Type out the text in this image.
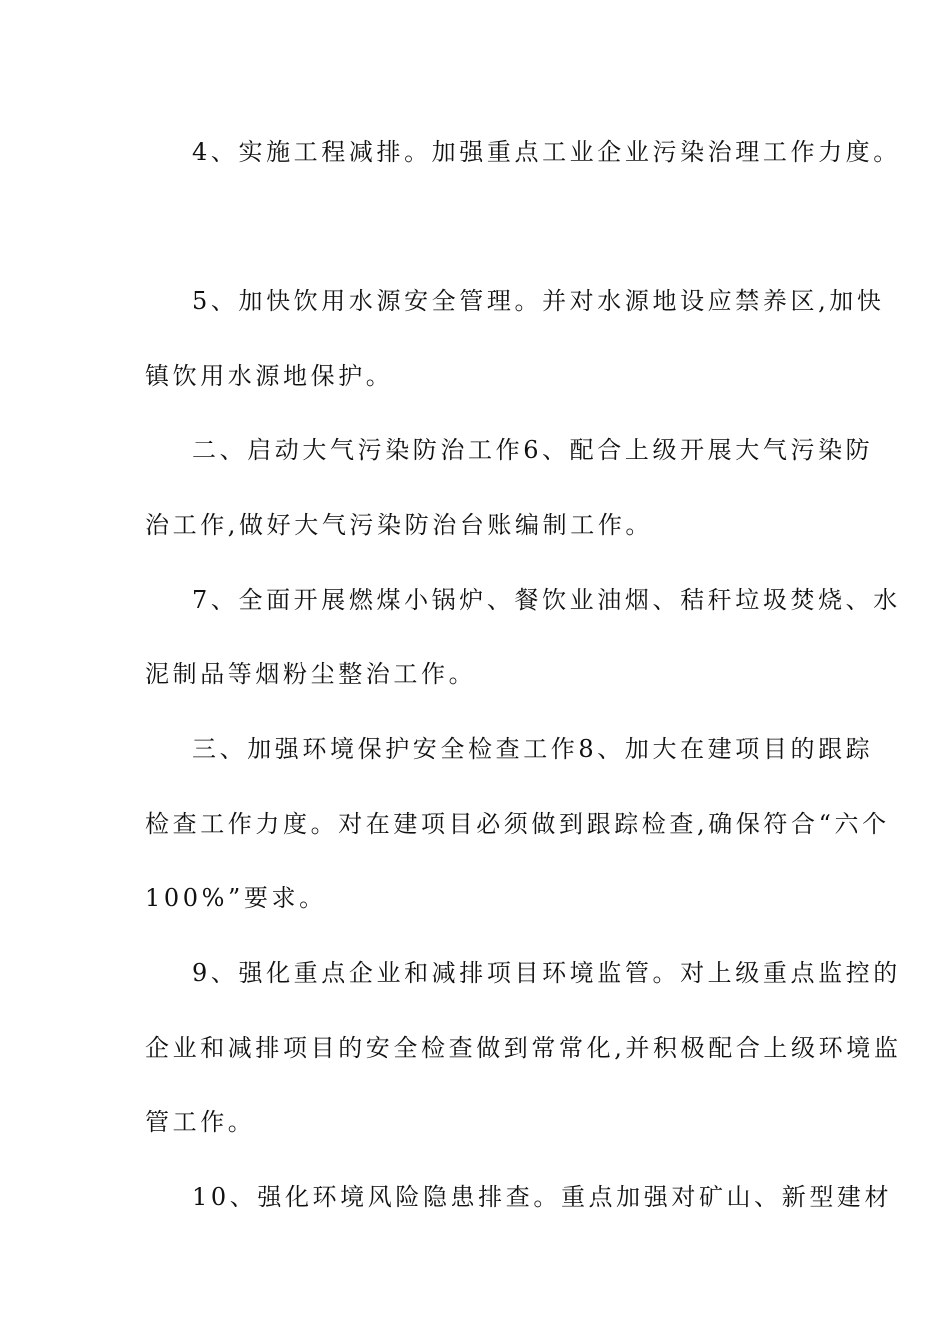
4、实施工程减排。加强重点工业企业污染治理工作力度。
5、加快饮用水源安全管理。并对水源地设应禁养区,加快
镇饮用水源地保护。
二、启动大气污染防治工作6、配合上级开展大气污染防
治工作,做好大气污染防治台账编制工作。
7、全面开展燃煤小锅炉、餐饮业油烟、秸秆垃圾焚烧、水
泥制品等烟粉尘整治工作。
三、加强环境保护安全检查工作8、加大在建项目的跟踪
检查工作力度。对在建项目必须做到跟踪检查,确保符合“六个
100%”要求。
9、强化重点企业和减排项目环境监管。对上级重点监控的
企业和减排项目的安全检查做到常常化,并积极配合上级环境监
管工作。
10、强化环境风险隐患排查。重点加强对矿山、新型建材
